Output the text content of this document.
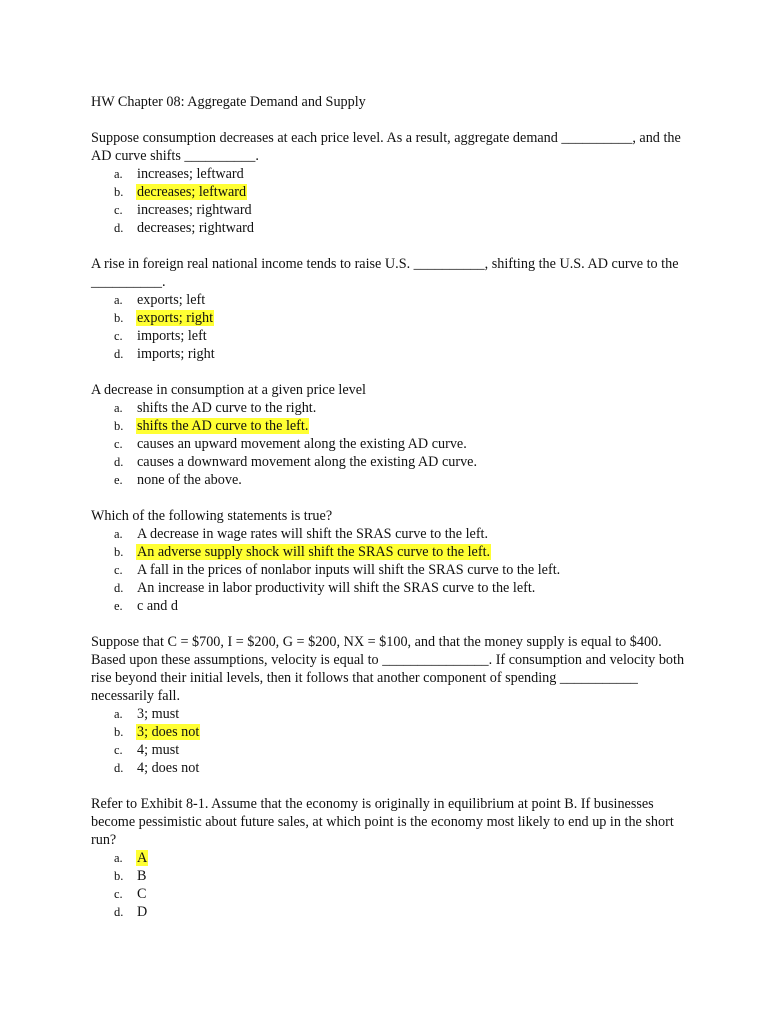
HW Chapter 08: Aggregate Demand and Supply

Suppose consumption decreases at each price level. As a result, aggregate demand __________, and the AD curve shifts __________.

a. increases; leftward
b. decreases; leftward
c. increases; rightward
d. decreases; rightward

A rise in foreign real national income tends to raise U.S. __________, shifting the U.S. AD curve to the __________.

a. exports; left
b. exports; right
c. imports; left
d. imports; right

A decrease in consumption at a given price level

a. shifts the AD curve to the right.
b. shifts the AD curve to the left.
c. causes an upward movement along the existing AD curve.
d. causes a downward movement along the existing AD curve.
e. none of the above.

Which of the following statements is true?

a. A decrease in wage rates will shift the SRAS curve to the left.
b. An adverse supply shock will shift the SRAS curve to the left.
c. A fall in the prices of nonlabor inputs will shift the SRAS curve to the left.
d. An increase in labor productivity will shift the SRAS curve to the left.
e. c and d

Suppose that C = $700, I = $200, G = $200, NX = $100, and that the money supply is equal to $400. Based upon these assumptions, velocity is equal to _______________. If consumption and velocity both rise beyond their initial levels, then it follows that another component of spending ___________ necessarily fall.

a. 3; must
b. 3; does not
c. 4; must
d. 4; does not

Refer to Exhibit 8-1. Assume that the economy is originally in equilibrium at point B. If businesses become pessimistic about future sales, at which point is the economy most likely to end up in the short run?

a. A
b. B
c. C
d. D
